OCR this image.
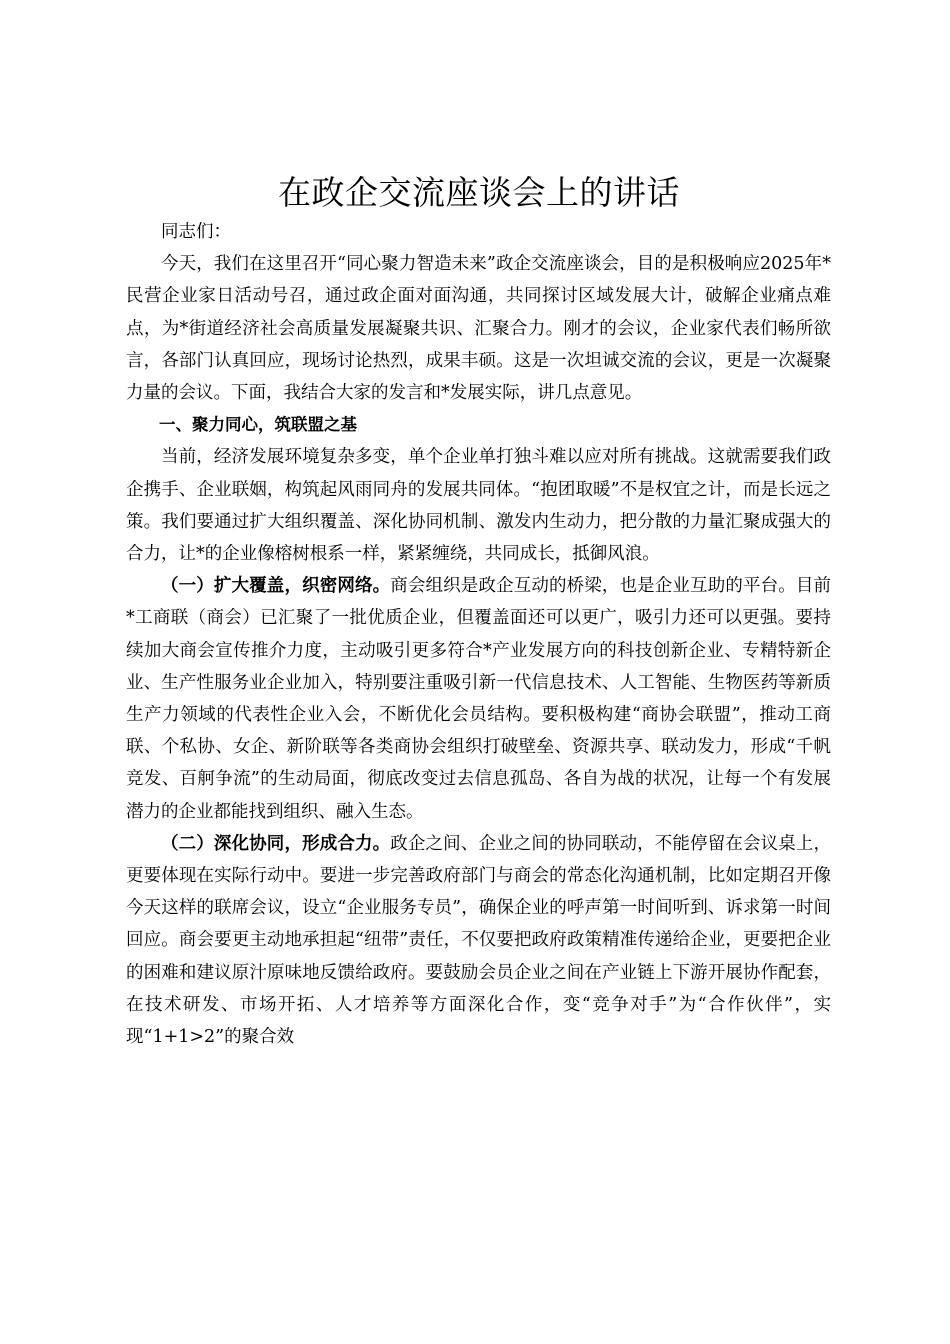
在政企交流座谈会上的讲话

同志们：

今天，我们在这里召开“同心聚力智造未来”政企交流座谈会，目的是积极响应2025年*民营企业家日活动号召，通过政企面对面沟通，共同探讨区域发展大计，破解企业痛点难点，为*街道经济社会高质量发展凝聚共识、汇聚合力。刚才的会议，企业家代表们畅所欲言，各部门认真回应，现场讨论热烈，成果丰硕。这是一次坦诚交流的会议，更是一次凝聚力量的会议。下面，我结合大家的发言和*发展实际，讲几点意见。

一、聚力同心，筑联盟之基

当前，经济发展环境复杂多变，单个企业单打独斗难以应对所有挑战。这就需要我们政企携手、企业联姻，构筑起风雨同舟的发展共同体。“抱团取暖”不是权宜之计，而是长远之策。我们要通过扩大组织覆盖、深化协同机制、激发内生动力，把分散的力量汇聚成强大的合力，让*的企业像榕树根系一样，紧紧缠绕，共同成长，抵御风浪。

（一）扩大覆盖，织密网络。商会组织是政企互动的桥梁，也是企业互助的平台。目前*工商联（商会）已汇聚了一批优质企业，但覆盖面还可以更广，吸引力还可以更强。要持续加大商会宣传推介力度，主动吸引更多符合*产业发展方向的科技创新企业、专精特新企业、生产性服务业企业加入，特别要注重吸引新一代信息技术、人工智能、生物医药等新质生产力领域的代表性企业入会，不断优化会员结构。要积极构建“商协会联盟”，推动工商联、个私协、女企、新阶联等各类商协会组织打破壁垒、资源共享、联动发力，形成“千帆竞发、百舸争流”的生动局面，彻底改变过去信息孤岛、各自为战的状况，让每一个有发展潜力的企业都能找到组织、融入生态。

（二）深化协同，形成合力。政企之间、企业之间的协同联动，不能停留在会议桌上，更要体现在实际行动中。要进一步完善政府部门与商会的常态化沟通机制，比如定期召开像今天这样的联席会议，设立“企业服务专员”，确保企业的呼声第一时间听到、诉求第一时间回应。商会要更主动地承担起“纽带”责任，不仅要把政府政策精准传递给企业，更要把企业的困难和建议原汁原味地反馈给政府。要鼓励会员企业之间在产业链上下游开展协作配套，在技术研发、市场开拓、人才培养等方面深化合作，变“竞争对手”为“合作伙伴”，实现“1+1>2”的聚合效
